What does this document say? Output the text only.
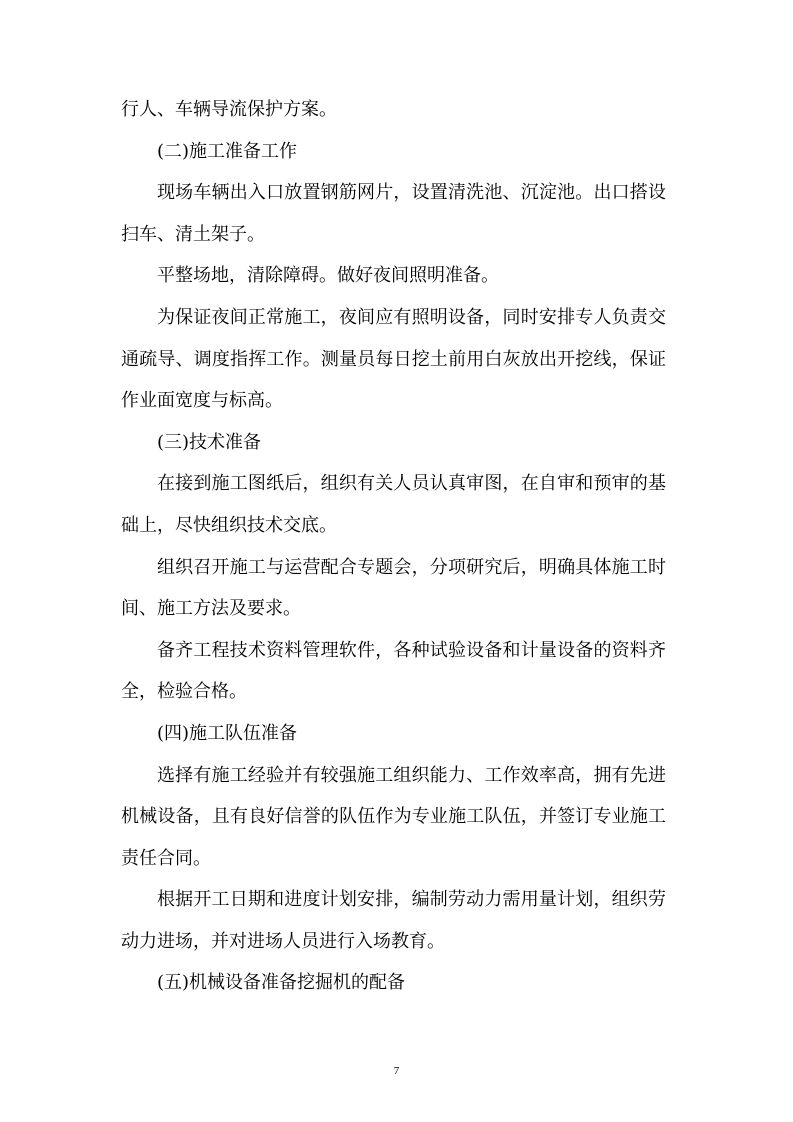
行人、车辆导流保护方案。

(二)施工准备工作

现场车辆出入口放置钢筋网片，设置清洗池、沉淀池。出口搭设扫车、清土架子。

平整场地，清除障碍。做好夜间照明准备。

为保证夜间正常施工，夜间应有照明设备，同时安排专人负责交通疏导、调度指挥工作。测量员每日挖土前用白灰放出开挖线，保证作业面宽度与标高。

(三)技术准备

在接到施工图纸后，组织有关人员认真审图，在自审和预审的基础上，尽快组织技术交底。

组织召开施工与运营配合专题会，分项研究后，明确具体施工时间、施工方法及要求。

备齐工程技术资料管理软件，各种试验设备和计量设备的资料齐全，检验合格。

(四)施工队伍准备

选择有施工经验并有较强施工组织能力、工作效率高，拥有先进机械设备，且有良好信誉的队伍作为专业施工队伍，并签订专业施工责任合同。

根据开工日期和进度计划安排，编制劳动力需用量计划，组织劳动力进场，并对进场人员进行入场教育。

(五)机械设备准备挖掘机的配备

7
